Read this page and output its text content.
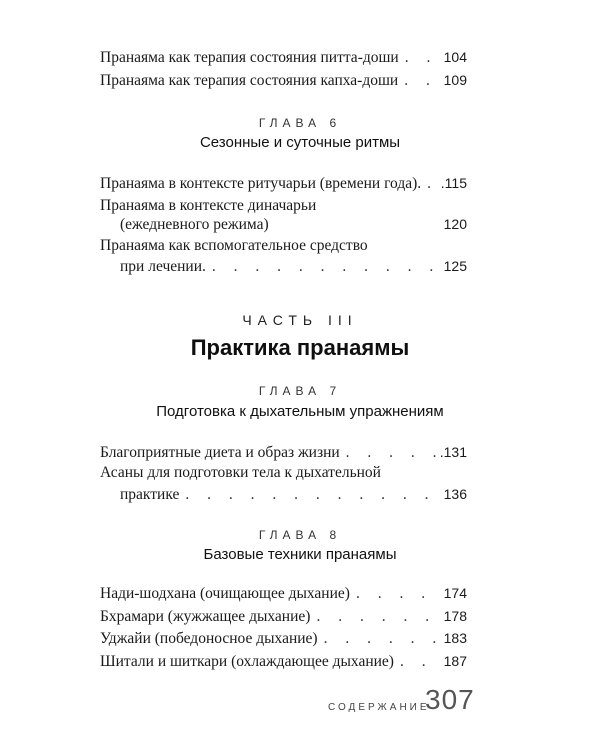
Пранаяма как терапия состояния питта-доши . . .	104
Пранаяма как терапия состояния капха-доши . . .	109
ГЛАВА 6
Сезонные и суточные ритмы
Пранаяма в контексте ритучарьи (времени года). . . . .115
Пранаяма в контексте диначарьи
(ежедневного режима)	120
Пранаяма как вспомогательное средство
при лечении. . . .	125
ЧАСТЬ III
Практика пранаямы
ГЛАВА 7
Подготовка к дыхательным упражнениям
Благоприятные диета и образ жизни . . .	.131
Асаны для подготовки тела к дыхательной
практике . . .	136
ГЛАВА 8
Базовые техники пранаямы
Нади-шодхана (очищающее дыхание) . . .	174
Бхрамари (жужжащее дыхание) . . .	178
Уджайи (победоносное дыхание) . . .	183
Шитали и шиткари (охлаждающее дыхание) . . .	187
СОДЕРЖАНИЕ
307
